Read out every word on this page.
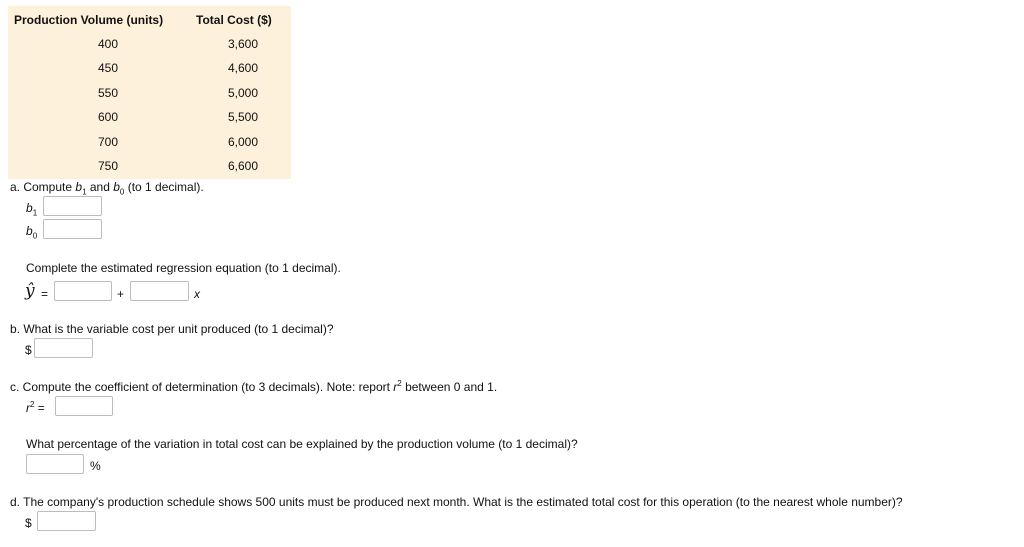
Production Volume (units)	Total Cost ($)
400	3,600
450	4,600
550	5,000
600	5,500
700	6,000
750	6,600
a. Compute $b_1$ and $b_0$ (to 1 decimal).
$b_1$
$b_0$
Complete the estimated regression equation (to 1 decimal).
ŷ =	+	x
b. What is the variable cost per unit produced (to 1 decimal)?
$
c. Compute the coefficient of determination (to 3 decimals). Note: report $r^2$ between 0 and 1.
$r^2$ =
What percentage of the variation in total cost can be explained by the production volume (to 1 decimal)?
%
d. The company's production schedule shows 500 units must be produced next month. What is the estimated total cost for this operation (to the nearest whole number)?
$
